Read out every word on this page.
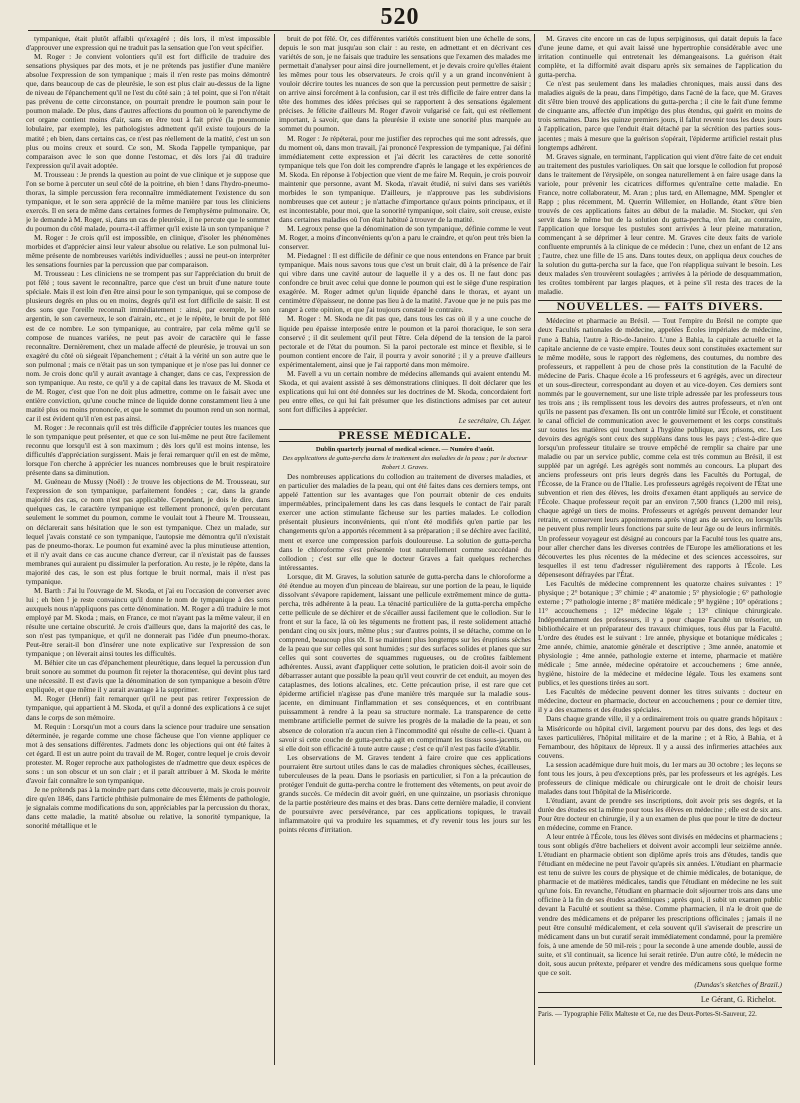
520

tympanique, était plutôt affaibli qu'exagéré ; dès lors, il m'est impossible d'approuver une expression qui ne traduit pas la sensation que l'on veut spécifier.

M. Roger : Je convient volontiers qu'il est fort difficile de traduire des sensations physiques par des mots, et je ne prétends pas justifier d'une manière absolue l'expression de son tympanique ; mais il n'en reste pas moins démontré que, dans beaucoup de cas de pleurésie, le son est plus clair au-dessus de la ligne de niveau de l'épanchement qu'il ne l'est du côté sain ; à tel point, que si l'on n'était pas prévenu de cette circonstance, on pourrait prendre le poumon sain pour le poumon malade. De plus, dans d'autres affections du poumon où le parenchyme de cet organe contient moins d'air, sans en être tout à fait privé (la pneumonie lobulaire, par exemple), les pathologistes admettent qu'il existe toujours de la matité ; eh bien, dans certains cas, ce n'est pas réellement de la matité, c'est un son plus ou moins creux et sourd. Ce son, M. Skoda l'appelle tympanique, par comparaison avec le son que donne l'estomac, et dès lors j'ai dû traduire l'expression qu'il avait adoptée.

M. Trousseau : Je prends la question au point de vue clinique et je suppose que l'on se borne à percuter un seul côté de la poitrine, eh bien ! dans l'hydro-pneumo-thorax, la simple percussion fera reconnaître immédiatement l'existence du son tympanique, et le son sera apprécié de la même manière par tous les cliniciens exercés. Il en sera de même dans certaines formes de l'emphysème pulmonaire. Or, je le demande à M. Roger, si, dans un cas de pleurésie, il ne percute que le sommet du poumon du côté malade, pourra-t-il affirmer qu'il existe là un son tympanique ?

M. Roger : Je crois qu'il est impossible, en clinique, d'isoler les phénomènes morbides et d'apprécier ainsi leur valeur absolue ou relative. Le son pulmonal lui-même présente de nombreuses variétés individuelles ; aussi ne peut-on interpréter les sensations fournies par la percussion que par comparaison.

M. Trousseau : Les cliniciens ne se trompent pas sur l'appréciation du bruit de pot fêlé ; tous savent le reconnaître, parce que c'est un bruit d'une nature toute spéciale. Mais il est loin d'en être ainsi pour le son tympanique, qui se compose de plusieurs degrés en plus ou en moins, degrés qu'il est fort difficile de saisir. Il est des sons que l'oreille reconnaît immédiatement : ainsi, par exemple, le son argentin, le son caverneux, le son d'airain, etc., et je le répète, le bruit de pot fêlé est de ce nombre. Le son tympanique, au contraire, par cela même qu'il se compose de nuances variées, ne peut pas avoir de caractère qui le fasse reconnaître. Dernièrement, chez un malade affecté de pleurésie, je trouvai un son exagéré du côté où siégeait l'épanchement ; c'était à la vérité un son autre que le son pulmonal ; mais ce n'était pas un son tympanique et je n'ose pas lui donner ce nom. Je crois donc qu'il y aurait avantage à changer, dans ce cas, l'expression de son tympanique. Au reste, ce qu'il y a de capital dans les travaux de M. Skoda et de M. Roger, c'est que l'on ne doit plus admettre, comme on le faisait avec une entière conviction, qu'une couche mince de liquide donne constamment lieu à une matité plus ou moins prononcée, et que le sommet du poumon rend un son normal, car il est évident qu'il n'en est pas ainsi.

M. Roger : Je reconnais qu'il est très difficile d'apprécier toutes les nuances que le son tympanique peut présenter, et que ce son lui-même ne peut être facilement reconnu que lorsqu'il est à son maximum ; dès lors qu'il est moins intense, les difficultés d'appréciation surgissent. Mais je ferai remarquer qu'il en est de même, lorsque l'on cherche à apprécier les nuances nombreuses que le bruit respiratoire présente dans sa diminution.

M. Guéneau de Mussy (Noël) : Je trouve les objections de M. Trousseau, sur l'expression de son tympanique, parfaitement fondées ; car, dans la grande majorité des cas, ce nom n'est pas applicable. Cependant, je dois le dire, dans quelques cas, le caractère tympanique est tellement prononcé, qu'en percutant seulement le sommet du poumon, comme le voulait tout à l'heure M. Trousseau, on déclarerait sans hésitation que le son est tympanique. Chez un malade, sur lequel j'avais constaté ce son tympanique, l'autopsie me démontra qu'il n'existait pas de pneumo-thorax. Le poumon fut examiné avec la plus minutieuse attention, et il n'y avait dans ce cas aucune chance d'erreur, car il n'existait pas de fausses membranes qui auraient pu dissimuler la perforation. Au reste, je le répète, dans la majorité des cas, le son est plus fortque le bruit normal, mais il n'est pas tympanique.

M. Barth : J'ai lu l'ouvrage de M. Skoda, et j'ai eu l'occasion de converser avec lui ; eh bien ! je reste convaincu qu'il donne le nom de tympanique à des sons auxquels nous n'appliquons pas cette dénomination. M. Roger a dû traduire le mot employé par M. Skoda ; mais, en France, ce mot n'ayant pas la même valeur, il en résulte une certaine obscurité. Je crois d'ailleurs que, dans la majorité des cas, le son n'est pas tympanique, et qu'il ne donnerait pas l'idée d'un pneumo-thorax. Peut-être serait-il bon d'insérer une note explicative sur l'expression de son tympanique ; on lèverait ainsi toutes les difficultés.

M. Béhier cite un cas d'épanchement pleurétique, dans lequel la percussion d'un bruit sonore au sommet du poumon fit rejeter la thoracentèse, qui devint plus tard une nécessité. Il est d'avis que la dénomination de son tympanique a besoin d'être expliquée, et que même il y aurait avantage à la supprimer.

M. Roger (Henri) fait remarquer qu'il ne peut pas retirer l'expression de tympanique, qui appartient à M. Skoda, et qu'il a donné des explications à ce sujet dans le corps de son mémoire.

M. Requin : Lorsqu'un mot a cours dans la science pour traduire une sensation déterminée, je regarde comme une chose fâcheuse que l'on vienne appliquer ce mot à des sensations différentes. J'admets donc les objections qui ont été faites à cet égard. Il est un autre point du travail de M. Roger, contre lequel je crois devoir protester. M. Roger reproche aux pathologistes de n'admettre que deux espèces de sons : un son obscur et un son clair ; et il paraît attribuer à M. Skoda le mérite d'avoir fait connaître le son tympanique.

Je ne prétends pas à la moindre part dans cette découverte, mais je crois pouvoir dire qu'en 1846, dans l'article phthisie pulmonaire de mes Éléments de pathologie, je signalais comme modifications du son, appréciables par la percussion du thorax, dans cette maladie, la matité absolue ou relative, la sonorité tympanique, la sonorité métallique et le

bruit de pot fêlé. Or, ces différentes variétés constituent bien une échelle de sons, depuis le son mat jusqu'au son clair : au reste, en admettant et en décrivant ces variétés de son, je ne faisais que traduire les sensations que l'examen des malades me permettait d'analyser pour ainsi dire journellement, et je devais croire qu'elles étaient les mêmes pour tous les observateurs. Je crois qu'il y a un grand inconvénient à vouloir décrire toutes les nuances de son que la percussion peut permettre de saisir ; on arrive ainsi forcément à la confusion, car il est très difficile de faire entrer dans la tête des hommes des idées précises qui se rapportent à des sensations également précises. Je félicite d'ailleurs M. Roger d'avoir vulgarisé ce fait, qui est réellement important, à savoir, que dans la pleurésie il existe une sonorité plus marquée au sommet du poumon.

M. Roger : Je répéterai, pour me justifier des reproches qui me sont adressés, que du moment où, dans mon travail, j'ai prononcé l'expression de tympanique, j'ai défini immédiatement cette expression et j'ai décrit les caractères de cette sonorité tympanique tels que l'on doit les comprendre d'après le langage et les expériences de M. Skoda. En réponse à l'objection que vient de me faire M. Requin, je crois pouvoir maintenir que personne, avant M. Skoda, n'avait étudié, ni suivi dans ses variétés morbides le son tympanique. D'ailleurs, je n'approuve pas les subdivisions nombreuses que cet auteur ; je n'attache d'importance qu'aux points principaux, et il est incontestable, pour moi, que la sonorité tympanique, soit claire, soit creuse, existe dans certaines maladies où l'on était habitué à trouver de la matité.

M. Legroux pense que la dénomination de son tympanique, définie comme le veut M. Roger, a moins d'inconvénients qu'on a paru le craindre, et qu'on peut très bien la conserver.

M. Piedagnel : Il est difficile de définir ce que nous entendons en France par bruit tympanique. Mais nous savons tous que c'est un bruit clair, dû à la présence de l'air qui vibre dans une cavité autour de laquelle il y a des os. Il ne faut donc pas confondre ce bruit avec celui que donne le poumon qui est le siège d'une respiration exagérée. M. Roger admet qu'un liquide épanché dans le thorax, et ayant un centimètre d'épaisseur, ne donne pas lieu à de la matité. J'avoue que je ne puis pas me ranger à cette opinion, et que j'ai toujours constaté le contraire.

M. Roger : M. Skoda ne dit pas que, dans tous les cas où il y a une couche de liquide peu épaisse interposée entre le poumon et la paroi thoracique, le son sera conservé ; il dit seulement qu'il peut l'être. Cela dépend de la tension de la paroi pectorale et de l'état du poumon. Si la paroi pectorale est mince et flexible, si le poumon contient encore de l'air, il pourra y avoir sonorité ; il y a preuve d'ailleurs expérimentalement, ainsi que je l'ai rapporté dans mon mémoire.

M. Favell a vu un certain nombre de médecins allemands qui avaient entendu M. Skoda, et qui avaient assisté à ses démonstrations cliniques. Il doit déclarer que les explications qui lui ont été données sur les doctrines de M. Skoda, concordaient fort peu entre elles, ce qui lui fait présumer que les distinctions admises par cet auteur sont fort difficiles à apprécier.

Le secrétaire, Ch. Léger.

PRESSE MÉDICALE.

Dublin quarterly journal of medical science. — Numéro d'août.

Des applications de gutta-percha dans le traitement des maladies de la peau ; par le docteur Robert J. Graves.

Des nombreuses applications du collodion au traitement de diverses maladies, et en particulier des maladies de la peau, qui ont été faites dans ces derniers temps, ont appelé l'attention sur les avantages que l'on pourrait obtenir de ces enduits imperméables, principalement dans les cas dans lesquels le contact de l'air paraît exercer une action stimulante fâcheuse sur les parties malades. Le collodion présentait plusieurs inconvénients, qui n'ont été modifiés qu'en partie par les changements qu'on a apportés récemment à sa préparation ; il se déchire avec facilité, ment et exerce une compression parfois douloureuse. La solution de gutta-percha dans le chloroforme s'est présentée tout naturellement comme succédané du collodion ; c'est sur elle que le docteur Graves a fait quelques recherches intéressantes.

Lorsque, dit M. Graves, la solution saturée de gutta-percha dans le chloroforme a été étendue au moyen d'un pinceau de blaireau, sur une portion de la peau, le liquide dissolvant s'évapore rapidement, laissant une pellicule extrêmement mince de gutta-percha, très adhérente à la peau. La ténacité particulière de la gutta-percha empêche cette pellicule de se déchirer et de s'écailler aussi facilement que le collodion. Sur le front et sur la face, là où les téguments ne frottent pas, il reste solidement attaché pendant cinq ou six jours, même plus ; sur d'autres points, il se détache, comme on le comprend, beaucoup plus tôt. Il se maintient plus longtemps sur les éruptions sèches de la peau que sur celles qui sont humides ; sur des surfaces solides et planes que sur celles qui sont couvertes de squammes rugueuses, ou de croûtes faiblement adhérentes. Aussi, avant d'appliquer cette solution, le praticien doit-il avoir soin de débarrasser autant que possible la peau qu'il veut couvrir de cet enduit, au moyen des cataplasmes, des lotions alcalines, etc. Cette précaution prise, il est rare que cet épiderme artificiel n'agisse pas d'une manière très marquée sur la maladie sous-jacente, en diminuant l'inflammation et ses conséquences, et en contribuant puissamment à rendre à la peau sa structure normale. La transparence de cette membrane artificielle permet de suivre les progrès de la maladie de la peau, et son absence de coloration n'a aucun rien à l'incommodité qui résulte de celle-ci. Quant à savoir si cette couche de gutta-percha agit en comprimant les tissus sous-jacents, ou si elle doit son efficacité à toute autre cause ; c'est ce qu'il n'est pas facile d'établir.

Les observations de M. Graves tendent à faire croire que ces applications pourraient être surtout utiles dans le cas de maladies chroniques sèches, écailleuses, tuberculeuses de la peau. Dans le psoriasis en particulier, si l'on a la précaution de protéger l'enduit de gutta-percha contre le frottement des vêtements, on peut avoir de grands succès. Ce médecin dit avoir guéri, en une quinzaine, un psoriasis chronique de la partie postérieure des mains et des bras. Dans cette dernière maladie, il convient de poursuivre avec persévérance, par ces applications topiques, le travail inflammatoire qui va produire les squammes, et d'y revenir tous les jours sur les points récens d'irritation.

M. Graves cite encore un cas de lupus serpiginosus, qui datait depuis la face d'une jeune dame, et qui avait laissé une hypertrophie considérable avec une irritation continuelle qui entretenait les démangeaisons. La guérison était complète, et la difformité avait disparu après six semaines de l'application du gutta-percha.

Ce n'est pas seulement dans les maladies chroniques, mais aussi dans des maladies aiguës de la peau, dans l'impétigo, dans l'acné de la face, que M. Graves dit s'être bien trouvé des applications du gutta-percha ; il cite le fait d'une femme de cinquante ans, affectée d'un impétigo des plus étendus, qui guérit en moins de trois semaines. Dans les quinze premiers jours, il fallut revenir tous les deux jours à l'application, parce que l'enduit était détaché par la sécrétion des parties sous-jacentes ; mais à mesure que la guérison s'opérait, l'épiderme artificiel restait plus longtemps adhérent.

M. Graves signale, en terminant, l'application qui vient d'être faite de cet enduit au traitement des pustules varioliques. On sait que lorsque le collodion fut proposé dans le traitement de l'érysipèle, on songea naturellement à en faire usage dans la variole, pour prévenir les cicatrices difformes qu'entraîne cette maladie. En France, notre collaborateur, M. Aran ; plus tard, en Allemagne, MM. Spengler et Rapp ; plus récemment, M. Querrin Willemier, en Hollande, étant s'être bien trouvés de ces applications faites au début de la maladie. M. Stocker, qui s'en servit dans le même but de la solution du gutta-percha, n'en fait, au contraire, l'application que lorsque les pustules sont arrivées à leur pleine maturation, commençant à se déprimer à leur centre. M. Graves cite deux faits de variole confluente empruntés à la clinique de ce médecin : l'une, chez un enfant de 12 ans ; l'autre, chez une fille de 15 ans. Dans toutes deux, on appliqua deux couches de la solution du gutta-percha sur la face, que l'on réappliqua suivant le besoin. Les deux malades s'en trouvèrent soulagées ; arrivées à la période de desquammation, les croûtes tombèrent par larges plaques, et à peine s'il resta des traces de la maladie.

NOUVELLES. — FAITS DIVERS.

Médecine et pharmacie au Brésil. — Tout l'empire du Brésil ne compte que deux Facultés nationales de médecine, appelées Écoles impériales de médecine, l'une à Bahia, l'autre à Rio-de-Janeiro. L'une à Bahia, la capitale actuelle et la capitale ancienne de ce vaste empire. Toutes deux sont constituées exactement sur le même modèle, sous le rapport des règlemens, des coutumes, du nombre des professeurs, et rappellent à peu de chose près la constitution de la Faculté de médecine de Paris. Chaque école a 16 professeurs et 6 agrégés, avec un directeur et un sous-directeur, correspondant au doyen et au vice-doyen. Ces derniers sont nommés par le gouvernement, sur une liste triple adressée par les professeurs tous les trois ans ; ils remplissent tous les devoirs des autres professeurs, et n'en ont qu'ils ne passent pas d'examen. Ils ont un contrôle limité sur l'École, et constituent le canal officiel de communication avec le gouvernement et les corps constitués sur toutes les matières qui touchent à l'hygiène publique, aux prisons, etc. Les devoirs des agrégés sont ceux des suppléans dans tous les pays ; c'est-à-dire que lorsqu'un professeur titulaire se trouve empêché de remplir sa chaire par une maladie ou par un service public, comme cela est très commun au Brésil, il est suppléé par un agrégé. Les agrégés sont nommés au concours. La plupart des anciens professeurs ont pris leurs degrés dans les Facultés du Portugal, de l'Écosse, de la France ou de l'Italie. Les professeurs agrégés reçoivent de l'État une subvention et rien des élèves, les droits d'examen étant appliqués au service de l'École. Chaque professeur reçoit par an environ 7,500 francs (1,200 mil reis), chaque agrégé un tiers de moins. Professeurs et agrégés peuvent demander leur retraite, et conservent leurs appointemens après vingt ans de service, ou lorsqu'ils ne peuvent plus remplir leurs fonctions par suite de leur âge ou de leurs infirmités. Un professeur voyageur est désigné au concours par la Faculté tous les quatre ans, pour aller chercher dans les diverses contrées de l'Europe les améliorations et les découvertes les plus récentes de la médecine et des sciences accessoires, sur lesquelles il est tenu d'adresser régulièrement des rapports à l'École. Les dépensesont défrayées par l'État.

Les Facultés de médecine comprennent les quatorze chaires suivantes : 1° physique ; 2° botanique ; 3° chimie ; 4° anatomie ; 5° physiologie ; 6° pathologie externe ; 7° pathologie interne ; 8° matière médicale ; 9° hygiène ; 10° opérations ; 11° accouchemens ; 12° médecine légale ; 13° clinique chirurgicale. Indépendamment des professeurs, il y a pour chaque Faculté un trésorier, un bibliothécaire et un préparateur des travaux chimiques, tous élus par la Faculté. L'ordre des études est le suivant : 1re année, physique et botanique médicales ; 2me année, chimie, anatomie générale et descriptive ; 3me année, anatomie et physiologie ; 4me année, pathologie externe et interne, pharmacie et matière médicale ; 5me année, médecine opératoire et accouchemens ; 6me année, hygiène, histoire de la médecine et médecine légale. Tous les examens sont publics, et les questions tirées au sort.

Les Facultés de médecine peuvent donner les titres suivants : docteur en médecine, docteur en pharmacie, docteur en accouchemens ; pour ce dernier titre, il y a des examens et des études spéciales.

Dans chaque grande ville, il y a ordinairement trois ou quatre grands hôpitaux : la Miséricorde ou hôpital civil, largement pourvu par des dons, des legs et des taxes particulières, l'hôpital militaire et de la marine ; et à Rio, à Bahia, et à Fernambour, des hôpitaux de lépreux. Il y a aussi des infirmeries attachées aux couvens.

La session académique dure huit mois, du 1er mars au 30 octobre ; les leçons se font tous les jours, à peu d'exceptions près, par les professeurs et les agrégés. Les professeurs de clinique médicale ou chirurgicale ont le droit de choisir leurs malades dans tout l'hôpital de la Miséricorde.

L'étudiant, avant de prendre ses inscriptions, doit avoir pris ses degrés, et la durée des études est la même pour tous les élèves en médecine ; elle est de six ans. Pour être docteur en chirurgie, il y a un examen de plus que pour le titre de docteur en médecine, comme en France.

A leur entrée à l'École, tous les élèves sont divisés en médecins et pharmaciens ; tous sont obligés d'être bacheliers et doivent avoir accompli leur seizième année. L'étudiant en pharmacie obtient son diplôme après trois ans d'études, tandis que l'étudiant en médecine ne peut l'avoir qu'après six années. L'étudiant en pharmacie est tenu de suivre les cours de physique et de chimie médicales, de botanique, de pharmacie et de matières médicales, tandis que l'étudiant en médecine ne les suit qu'une fois. En revanche, l'étudiant en pharmacie doit séjourner trois ans dans une officine à la fin de ses études académiques ; après quoi, il subit un examen public devant la Faculté et soutient sa thèse. Comme pharmacien, il n'a le droit que de vendre des médicamens et de préparer les prescriptions officinales ; jamais il ne peut être consulté médicalement, et cela souvent qu'il s'aviserait de prescrire un médicament dans un but curatif serait immédiatement condamné, pour la première fois, à une amende de 50 mil-reis ; pour la seconde à une amende double, aussi de suite, et s'il continuait, sa licence lui serait retirée. D'un autre côté, le médecin ne doit, sous aucun prétexte, préparer et vendre des médicamens sous quelque forme que ce soit.

(Dundas's sketches of Brazil.)

Le Gérant, G. Richelot.

Paris. — Typographie Félix Malteste et Ce, rue des Deux-Portes-St-Sauveur, 22.
